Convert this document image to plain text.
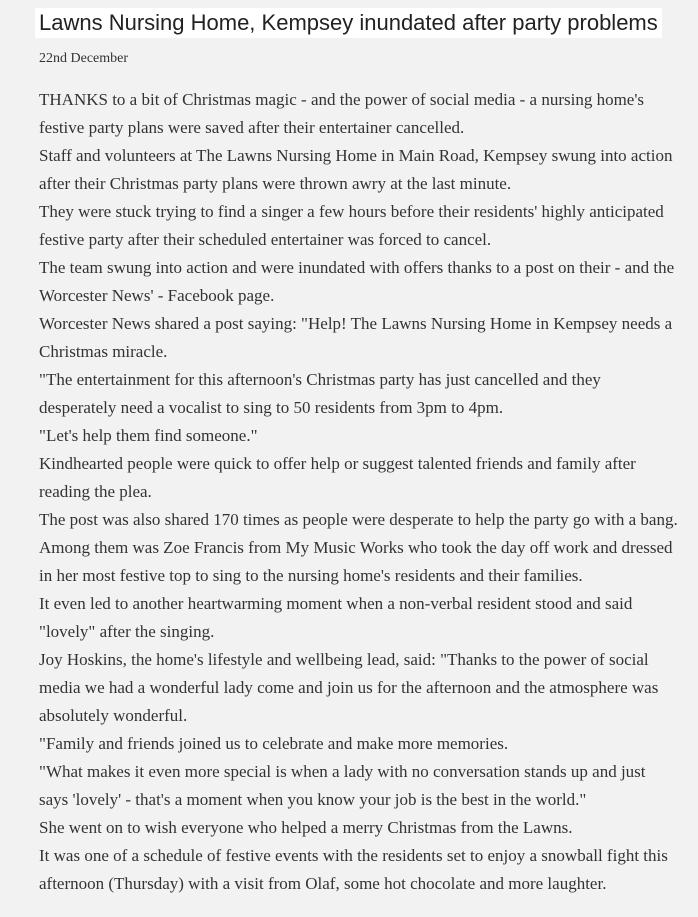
Lawns Nursing Home, Kempsey inundated after party problems
22nd December

THANKS to a bit of Christmas magic - and the power of social media - a nursing home's festive party plans were saved after their entertainer cancelled.

Staff and volunteers at The Lawns Nursing Home in Main Road, Kempsey swung into action after their Christmas party plans were thrown awry at the last minute.

They were stuck trying to find a singer a few hours before their residents' highly anticipated festive party after their scheduled entertainer was forced to cancel.

The team swung into action and were inundated with offers thanks to a post on their - and the Worcester News' - Facebook page.

Worcester News shared a post saying: "Help! The Lawns Nursing Home in Kempsey needs a Christmas miracle.

"The entertainment for this afternoon's Christmas party has just cancelled and they desperately need a vocalist to sing to 50 residents from 3pm to 4pm.

"Let's help them find someone."

Kindhearted people were quick to offer help or suggest talented friends and family after reading the plea.

The post was also shared 170 times as people were desperate to help the party go with a bang.

Among them was Zoe Francis from My Music Works who took the day off work and dressed in her most festive top to sing to the nursing home's residents and their families.

It even led to another heartwarming moment when a non-verbal resident stood and said "lovely" after the singing.

Joy Hoskins, the home's lifestyle and wellbeing lead, said: "Thanks to the power of social media we had a wonderful lady come and join us for the afternoon and the atmosphere was absolutely wonderful.

"Family and friends joined us to celebrate and make more memories.

"What makes it even more special is when a lady with no conversation stands up and just says 'lovely' - that's a moment when you know your job is the best in the world."

She went on to wish everyone who helped a merry Christmas from the Lawns.

It was one of a schedule of festive events with the residents set to enjoy a snowball fight this afternoon (Thursday) with a visit from Olaf, some hot chocolate and more laughter.
